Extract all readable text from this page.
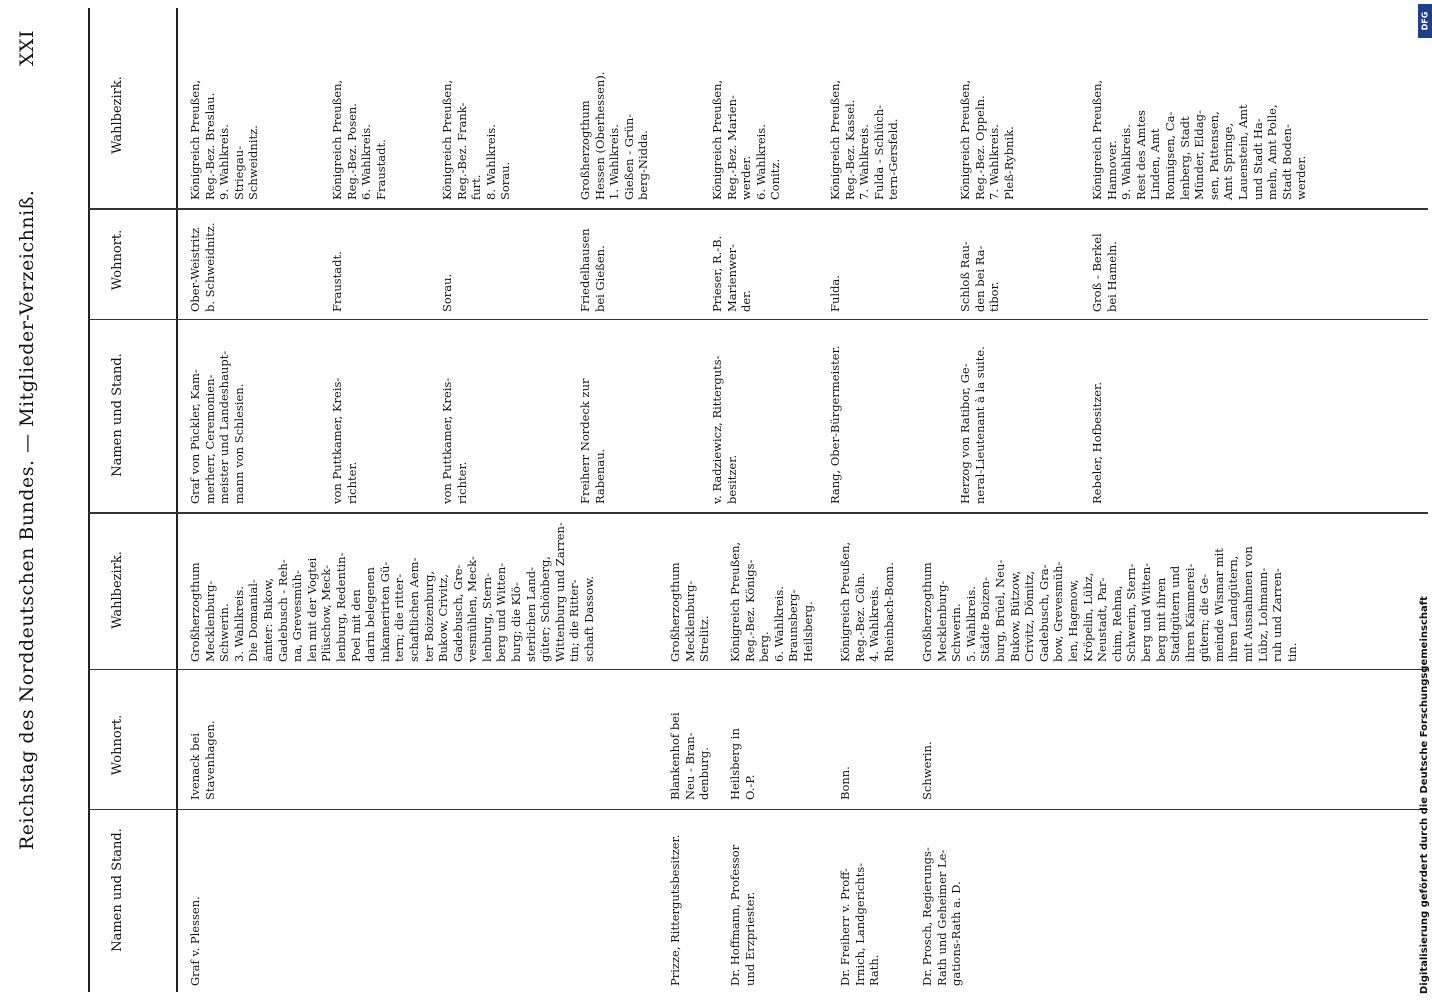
Reichstag des Norddeutschen Bundes. — Mitglieder-Verzeichniß.
XXI
Namen und Stand.
Wohnort.
Wahlbezirk.
Namen und Stand.
Wohnort.
Wahlbezirk.
Graf v. Plessen.
Ivenack bei
Stavenhagen.
Großherzogthum
Mecklenburg-
Schwerin.
3. Wahlkreis.
Die Domanial-
ämter: Bukow,
Gadebusch - Reh-
na, Grevesmüh-
len mit der Vogtei
Plüschow, Meck-
lenburg, Redentin-
Poel mit den
darin belegenen
inkamerirten Gü-
tern; die ritter-
schaftlichen Aem-
ter Boizenburg,
Bukow, Crivitz,
Gadebusch, Gre-
vesmühlen, Meck-
lenburg, Stern-
berg und Witten-
burg; die Klö-
sterlichen Land-
güter; Schönberg,
Wittenburg und Zarren-
tin; die Ritter-
schaft Dassow.
Prizze, Rittergutsbesitzer.
Blankenhof bei
Neu - Bran-
denburg.
Großherzogthum
Mecklenburg-
Strelitz.
Dr. Hoffmann, Professor
und Erzpriester.
Heilsberg in
O.-P.
Königreich Preußen,
Reg.-Bez. Königs-
berg.
6. Wahlkreis.
Braunsberg-
Heilsberg.
Dr. Freiherr v. Proff-
Irnich, Landgerichts-
Rath.
Bonn.
Königreich Preußen,
Reg.-Bez. Cöln.
4. Wahlkreis.
Rheinbach-Bonn.
Dr. Prosch, Regierungs-
Rath und Geheimer Le-
gations-Rath a. D.
Schwerin.
Großherzogthum
Mecklenburg-
Schwerin.
5. Wahlkreis.
Städte Boizen-
burg, Brüel, Neu-
Bukow, Bützow,
Crivitz, Dömitz,
Gadebusch, Gra-
bow, Grevesmüh-
len, Hagenow,
Kröpelin, Lübz,
Neustadt, Par-
chim, Rehna,
Schwerin, Stern-
berg und Witten-
berg mit ihren
Stadtgütern und
ihren Kämmerei-
gütern; die Ge-
meinde Wismar mit
ihren Landgütern,
mit Ausnahmen von
Lübz, Lohmann-
ruh und Zarren-
tin.
Graf von Pückler, Kam-
merherr, Ceremonien-
meister und Landeshaupt-
mann von Schlesien.
Ober-Weistritz
b. Schweidnitz.
Königreich Preußen,
Reg.-Bez. Breslau.
9. Wahlkreis.
Striegau-
Schweidnitz.
von Puttkamer, Kreis-
richter.
Fraustadt.
Königreich Preußen,
Reg.-Bez. Posen.
6. Wahlkreis.
Fraustadt.
von Puttkamer, Kreis-
richter.
Sorau.
Königreich Preußen,
Reg.-Bez. Frank-
furt.
8. Wahlkreis.
Sorau.
Freiherr Nordeck zur
Rabenau.
Friedelhausen
bei Gießen.
Großherzogthum
Hessen (Oberhessen).
1. Wahlkreis.
Gießen - Grün-
berg-Nidda.
v. Radziewicz, Ritterguts-
besitzer.
Prieser, R.-B.
Marienwer-
der.
Königreich Preußen,
Reg.-Bez. Marien-
werder.
6. Wahlkreis.
Conitz.
Rang, Ober-Bürgermeister.
Fulda.
Königreich Preußen,
Reg.-Bez. Kassel.
7. Wahlkreis.
Fulda - Schlüch-
tern-Gersfeld.
Herzog von Ratibor, Ge-
neral-Lieutenant à la suite.
Schloß Rau-
den bei Ra-
tibor.
Königreich Preußen,
Reg.-Bez. Oppeln.
7. Wahlkreis.
Pleß-Rybnik.
Rebeler, Hofbesitzer.
Groß - Berkel
bei Hameln.
Königreich Preußen,
Hannover.
9. Wahlkreis.
Rest des Amtes
Linden, Amt
Ronnigsen, Ca-
lenberg, Stadt
Münder, Eldag-
sen, Pattensen,
Amt Springe,
Lauenstein, Amt
und Stadt Ha-
meln, Amt Polle,
Stadt Boden-
werder.
Digitalisierung gefördert durch die Deutsche Forschungsgemeinschaft
DFG
